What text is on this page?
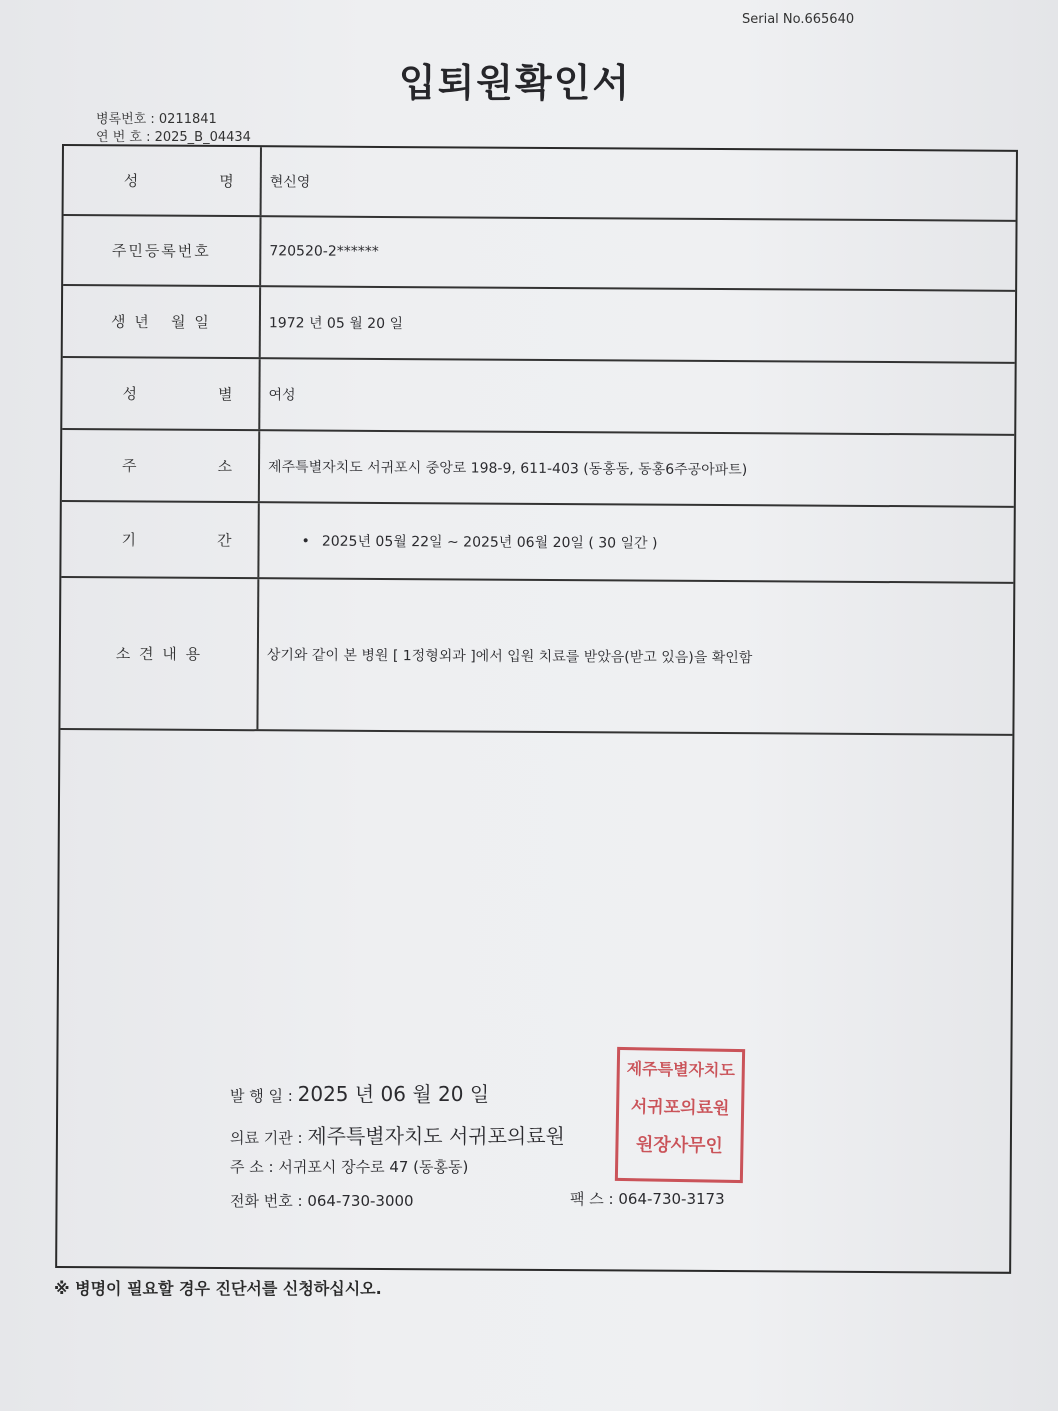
Serial No.665640
입퇴원확인서
병록번호 : 0211841
연 번 호 : 2025_B_04434
성	명	현신영
주민등록번호	720520-2******
생 년   월 일	1972 년 05 월 20 일
성	별	여성
주	소	제주특별자치도 서귀포시 중앙로 198-9, 611-403 (동홍동, 동홍6주공아파트)
기	간	• 2025년 05월 22일 ~ 2025년 06월 20일 ( 30 일간 )
소 견 내 용	상기와 같이 본 병원 [ 1정형외과 ]에서 입원 치료를 받았음(받고 있음)을 확인함
발 행 일 : 2025 년 06 월 20 일
의료 기관 : 제주특별자치도 서귀포의료원
주 소 : 서귀포시 장수로 47 (동홍동)
전화 번호 : 064-730-3000	팩 스 : 064-730-3173
제주특별자치도
서귀포의료원
원장사무인
※ 병명이 필요할 경우 진단서를 신청하십시오.
